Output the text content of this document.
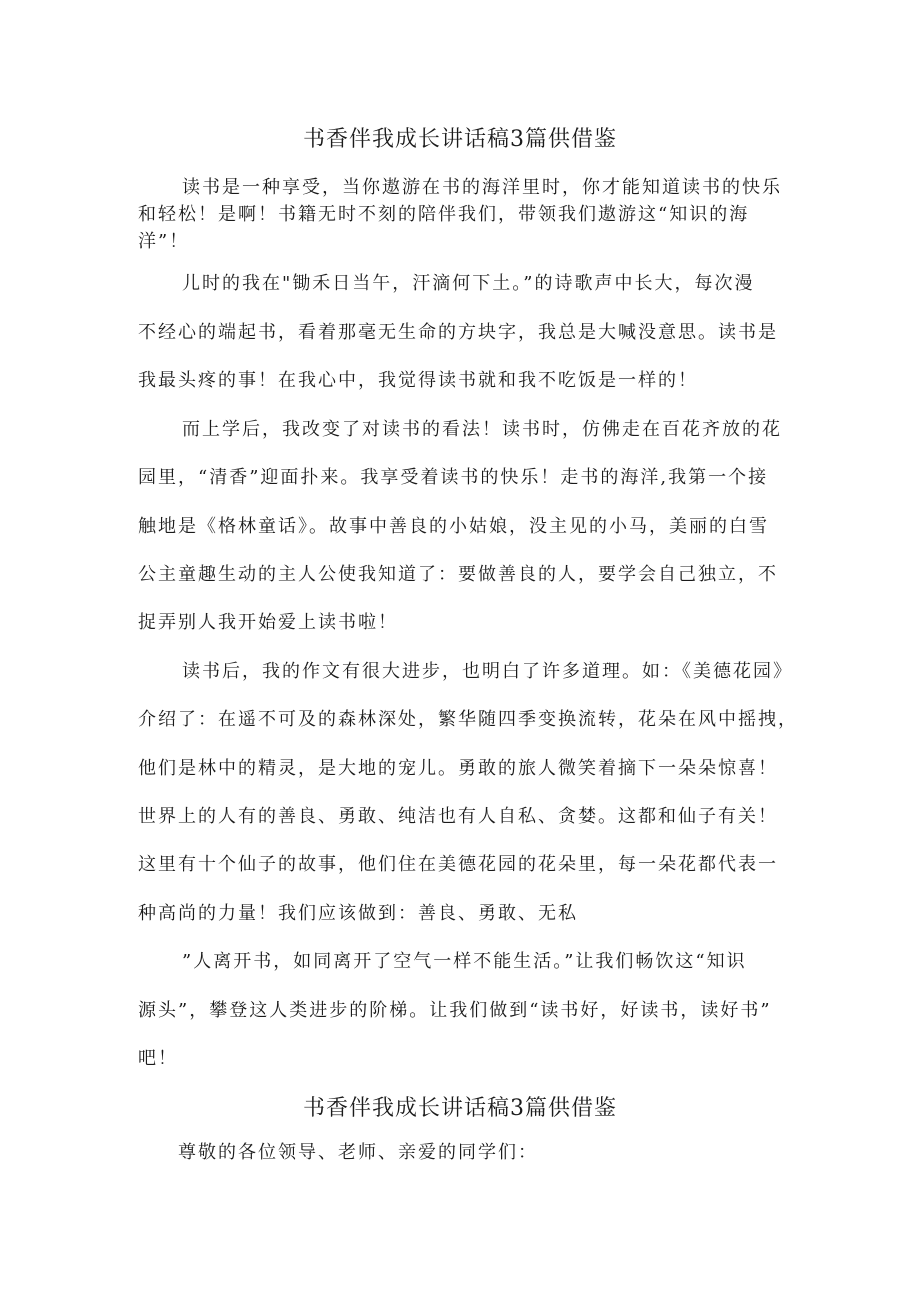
书香伴我成长讲话稿3篇供借鉴
读书是一种享受，当你遨游在书的海洋里时，你才能知道读书的快乐
和轻松！是啊！书籍无时不刻的陪伴我们，带领我们遨游这“知识的海
洋”！
儿时的我在"锄禾日当午，汗滴何下土。”的诗歌声中长大，每次漫
不经心的端起书，看着那毫无生命的方块字，我总是大喊没意思。读书是
我最头疼的事！在我心中，我觉得读书就和我不吃饭是一样的！
而上学后，我改变了对读书的看法！读书时，仿佛走在百花齐放的花
园里，“清香”迎面扑来。我享受着读书的快乐！走书的海洋,我第一个接
触地是《格林童话》。故事中善良的小姑娘，没主见的小马，美丽的白雪
公主童趣生动的主人公使我知道了：要做善良的人，要学会自己独立，不
捉弄别人我开始爱上读书啦！
读书后，我的作文有很大进步，也明白了许多道理。如：《美德花园》
介绍了：在遥不可及的森林深处，繁华随四季变换流转，花朵在风中摇拽，
他们是林中的精灵，是大地的宠儿。勇敢的旅人微笑着摘下一朵朵惊喜！
世界上的人有的善良、勇敢、纯洁也有人自私、贪婪。这都和仙子有关！
这里有十个仙子的故事，他们住在美德花园的花朵里，每一朵花都代表一
种高尚的力量！我们应该做到：善良、勇敢、无私
”人离开书，如同离开了空气一样不能生活。”让我们畅饮这“知识
源头”，攀登这人类进步的阶梯。让我们做到“读书好，好读书，读好书”
吧！
书香伴我成长讲话稿3篇供借鉴
尊敬的各位领导、老师、亲爱的同学们：
